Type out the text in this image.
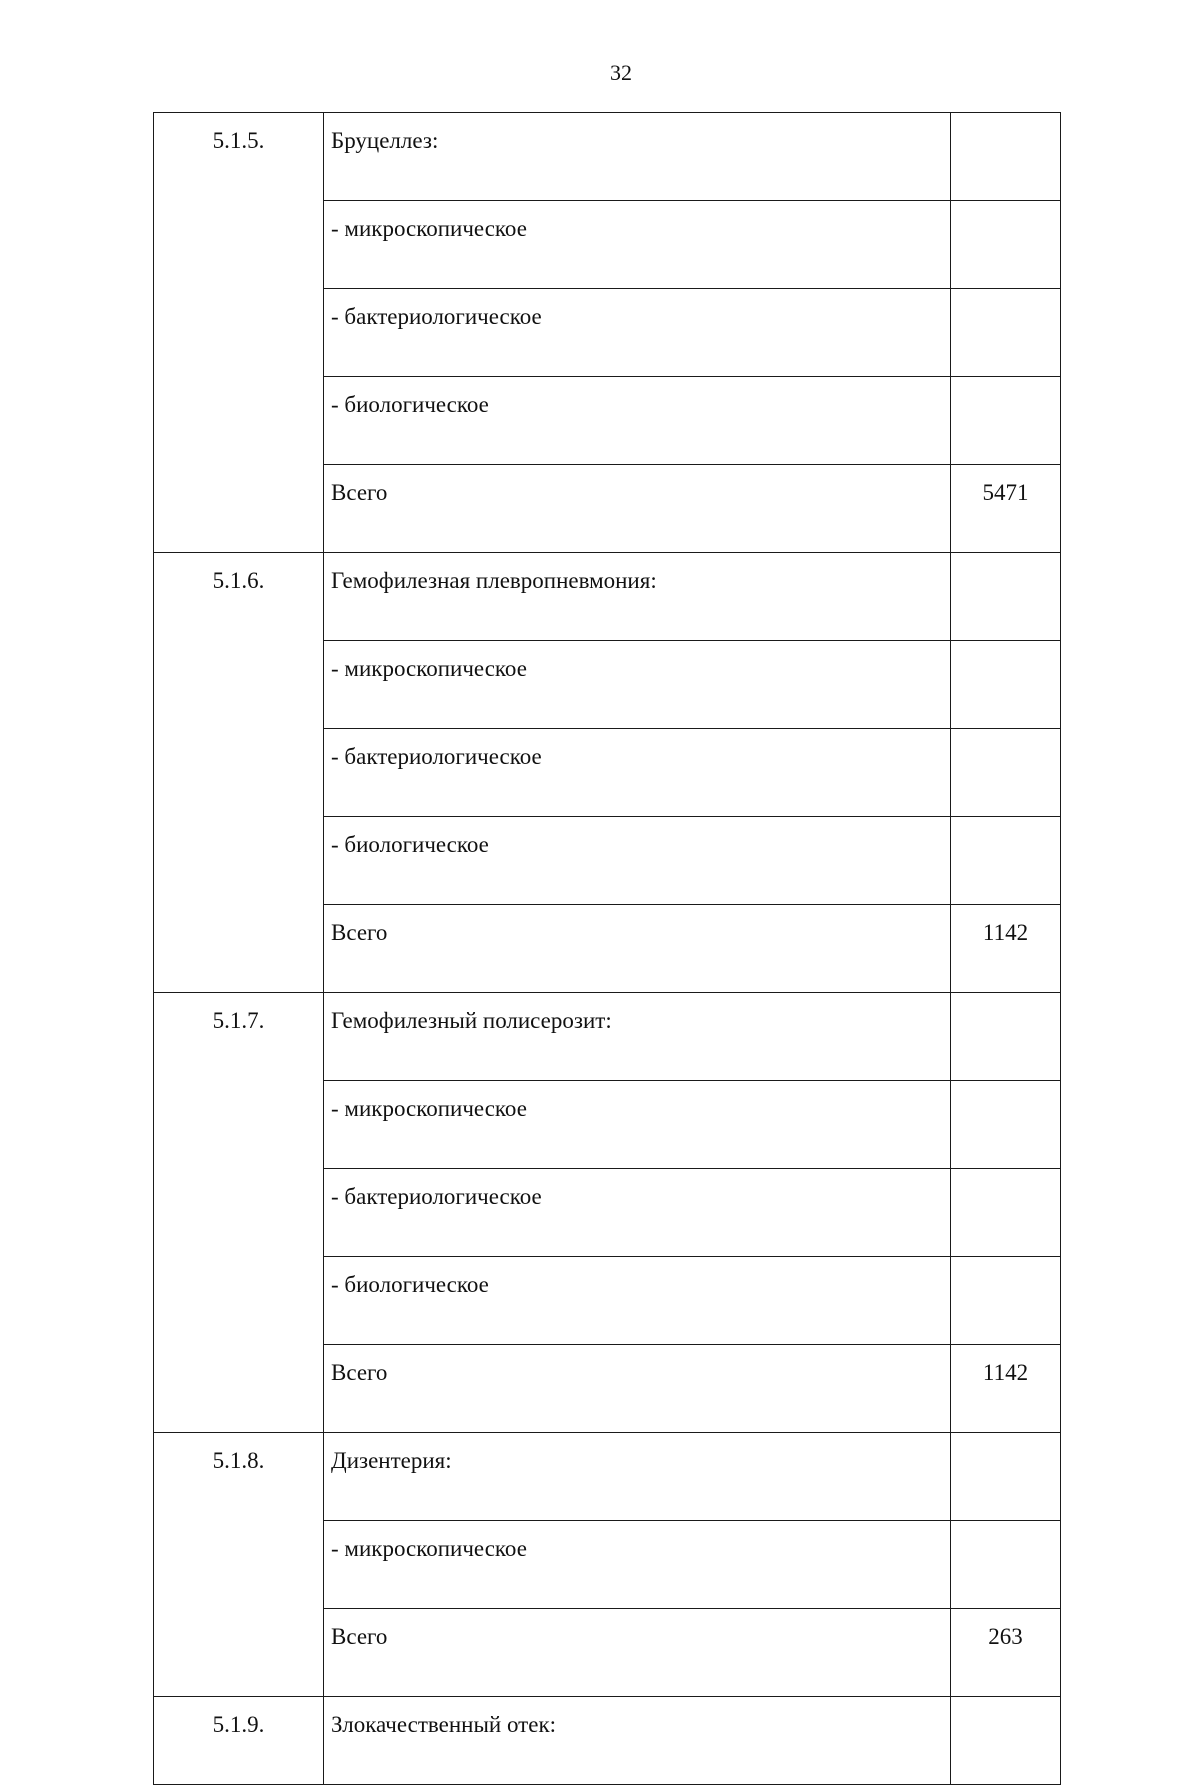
32
5.1.5.	Бруцеллез:	
	- микроскопическое	
	- бактериологическое	
	- биологическое	
	Всего	5471
5.1.6.	Гемофилезная плевропневмония:	
	- микроскопическое	
	- бактериологическое	
	- биологическое	
	Всего	1142
5.1.7.	Гемофилезный полисерозит:	
	- микроскопическое	
	- бактериологическое	
	- биологическое	
	Всего	1142
5.1.8.	Дизентерия:	
	- микроскопическое	
	Всего	263
5.1.9.	Злокачественный отек:	
